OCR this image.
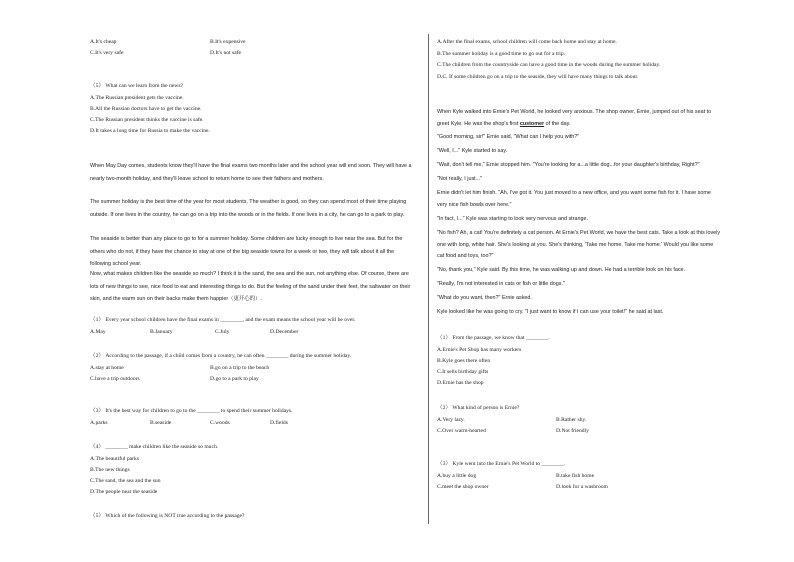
A.It's cheap	B.It's expensive
C.It's very safe	D.It's not safe
（5） What can we learn from the news?
A.The Russian president gets the vaccine.
B.All the Russian doctors have to get the vaccine.
C.The Russian president thinks the vaccine is safe.
D.It takes a long time for Russia to make the vaccine.
When May Day comes, students know they'll have the final exams two months later and the school year will end soon. They will have a nearly two-month holiday, and they'll leave school to return home to see their fathers and mothers.
The summer holiday is the best time of the year for most students. The weather is good, so they can spend most of their time playing outside. If one lives in the country, he can go on a trip into the woods or in the fields. If one lives in a city, he can go to a park to play.
The seaside is better than any place to go to for a summer holiday. Some children are lucky enough to live near the sea. But for the others who do not, if they have the chance to stay at one of the big seaside towns for a week or two, they will talk about it all the following school year.
Now, what makes children like the seaside so much? I think it is the sand, the sea and the sun, not anything else. Of course, there are lots of new things to see, nice food to eat and interesting things to do. But the feeling of the sand under their feet, the saltwater on their skin, and the warm sun on their backs make them happier（更开心的）.
（1） Every year school children have the final exams in ________, and the exam means the school year will be over.
A.May	B.January	C.July	D.December
（2） According to the passage, if a child comes from a country, he can often ________ during the summer holiday.
A.stay at home	B.go on a trip to the beach
C.have a trip outdoors	D.go to a park to play
（3） It's the best way for children to go to the ________ to spend their summer holidays.
A.parks	B.seaside	C.woods	D.fields
（4） ________ make children like the seaside so much.
A.The beautiful parks
B.The new things
C.The sand, the sea and the sun
D.The people near the seaside
（5） Which of the following is NOT true according to the passage?
A.After the final exams, school children will come back home and stay at home.
B.The summer holiday is a good time to go out for a trip.
C.The children from the countryside can have a good time in the woods during the summer holiday.
D.C. If some children go on a trip to the seaside, they will have many things to talk about.
When Kyle walked into Ernie's Pet World, he looked very anxious. The shop owner, Ernie, jumped out of his seat to
greet Kyle. He was the shop's first customer of the day.
"Good morning, sir!" Ernie said, "What can I help you with?"
"Well, I..." Kyle started to say.
"Wait, don't tell me," Ernie stopped him. "You're looking for a...a little dog...for your daughter's birthday, Right?"
"Not really, I just..."
Ernie didn't let him finish. "Ah, I've got it. You just moved to a new office, and you want some fish for it. I have some
very nice fish bowls over here."
"In fact, I..." Kyle was starting to look very nervous and strange.
"No fish? Ah, a cat! You're definitely a cat person. At Ernie's Pet World, we have the best cats. Take a look at this lovely
one with long, white hair. She's looking at you. She's thinking, 'Take me home. Take me home.' Would you like some
cat food and toys, too?"
"No, thank you," Kyle said. By this time, he was walking up and down. He had a terrible look on his face.
"Really, I'm not interested in cats or fish or little dogs."
"What do you want, then?" Ernie asked.
Kyle looked like he was going to cry. "I just want to know if I can use your toilet!" he said at last.
（1） From the passage, we know that ________.
A.Ernie's Pet Shop has many workers
B.Kyle goes there often
C.It sells birthday gifts
D.Ernie has the shop
（2） What kind of person is Ernie?
A.Very lazy.	B.Rather shy.
C.Over warm-hearted	D.Not friendly
（3） Kyle went into the Ernie's Pet World to ________.
A.buy a little dog	B.take fish home
C.meet the shop owner	D.look for a washroom
